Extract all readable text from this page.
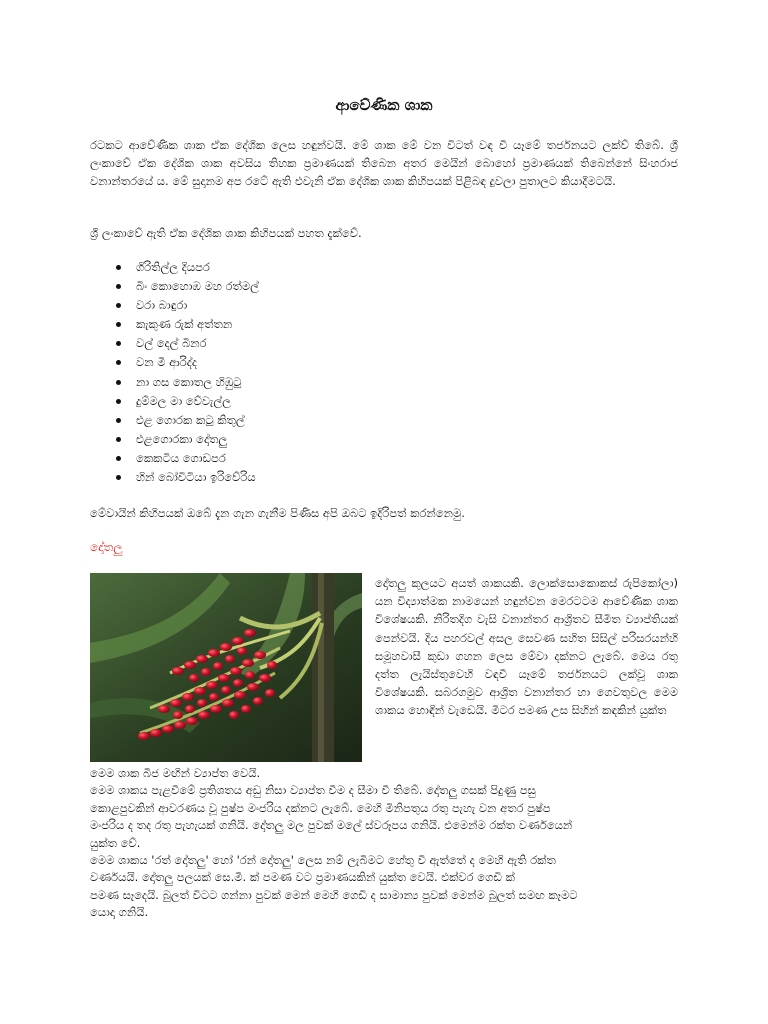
ආවේණික ශාක

රටකට ආවේණික ශාක ඒක දේශික ලෙස හඳුන්වයි. මේ ශාක මේ වන විටත් වඳ වී යෑමේ තර්ජනයට ලක්ව් තිබේ. ශ්‍රී ලංකාවේ ඒක දේශික ශාක අවසිය තිහක ප්‍රමාණයක් තිබෙන අතර මෙයින් බොහෝ ප්‍රමාණයක් තිබෙන්නේ සිංහරාජ වනාන්තරයේ ය. මේ සුදානම අප රටේ ඇති එවැනි ඒක දේශික ශාක කිහිපයක් පිළිබඳ දුවලා පුතාලට කියාදීමටයි.

ශ්‍රී ලංකාවේ ඇති ඒක දේශික ශාක කිහිපයක් පහත දැක්වේ.

ගිරිතිල්ල දියපර
බිං කොහොඹ මහ රත්මල්
වරා බාඳුරා
කැකුණ රුක් අත්තන
වල් දෙල් බිනර
වන මී ආරිද්ද
නා ගස කොතල හිඹුටු
දුම්මල මා වේවැල්ල
එළ ගොරක කටු කිතුල්
එළගොරකා දෝතලු
කෙකටිය ගොඩපර
හින් බෝවිටියා ඉරිවේරිය

මේවායින් කිහිපයක් ඔබේ දැන ගැන ගැනීම පිණිස අපි ඔබට ඉදිරිපත් කරන්නෙමු.

දෝතලු

දෝතලු කුලයට අයත් ශාකයකි. ලොක්සොකොකස් රුපිකෝලා) යන විද්‍යාත්මක නාමයෙන් හඳුන්වන මෙරටටම ආවේණික ශාක විශේෂයකි. නිරිතදිග වැසි වනාන්තර ආශ්‍රිතව සීමිත ව්‍යාප්තියක් පෙන්වයි. දිය පහරවල් අසල සෙවණ සහිත සිසිල් පරිසරයන්හි සමූහවාසී කුඩා ගහන ලෙස මේවා දක්නට ලැබේ. මෙය රතු දත්ත ලැයිස්තුවෙහි වඳවී යෑමේ තර්ජනයට ලක්වූ ශාක විශේෂයකි. සබරගමුව ආශ්‍රිත වනාන්තර හා ගෙවතුවල මෙම ශාකය හොඳින් වැඩෙයි. මීටර පමණ උස සිහින් කඳකින් යුක්ත

මෙම ශාක බීජ මඟින් ව්‍යාප්ත වෙයි.
මෙම ශාකය පැළවීමේ ප්‍රතිශතය අඩු නිසා ව්‍යාප්ත වීම ද සීමා වී තිබේ. දෝතලු ගසක් පිදුණු පසු
කොළපුවකින් ආවරණය වූ පුෂ්ප මංජරිය දක්නට ලැබේ. මෙහි මිනිපතුය රතු පැහැ වන අතර පුෂ්ප
මංජරිය ද තද රතු පැහැයක් ගනියි. දෝතලු මල පුවක් මලේ ස්වරූපය ගනියි. එමෙන්ම රක්ත වර්ණයෙන්
යුක්ත වේ.
මෙම ශාකය 'රත් දෝතලු' හෝ 'රන් දෝතලු' ලෙස නම් ලැබීමට හේතු වී ඇත්තේ ද මෙහි ඇති රක්ත
වර්ණයයි. දෝතලු පලයක් සෙ.මී. ක් පමණ වට ප්‍රමාණයකින් යුක්ත වෙයි. එක්වර ගෙඩි ක්
පමණ සෑදෙයි. බුලත් විටට ගන්නා පුවක් මෙන් මෙහි ගෙඩි ද සාමාන්‍ය පුවක් මෙන්ම බුලත් සමඟ කෑමට
යොදා ගනියි.
